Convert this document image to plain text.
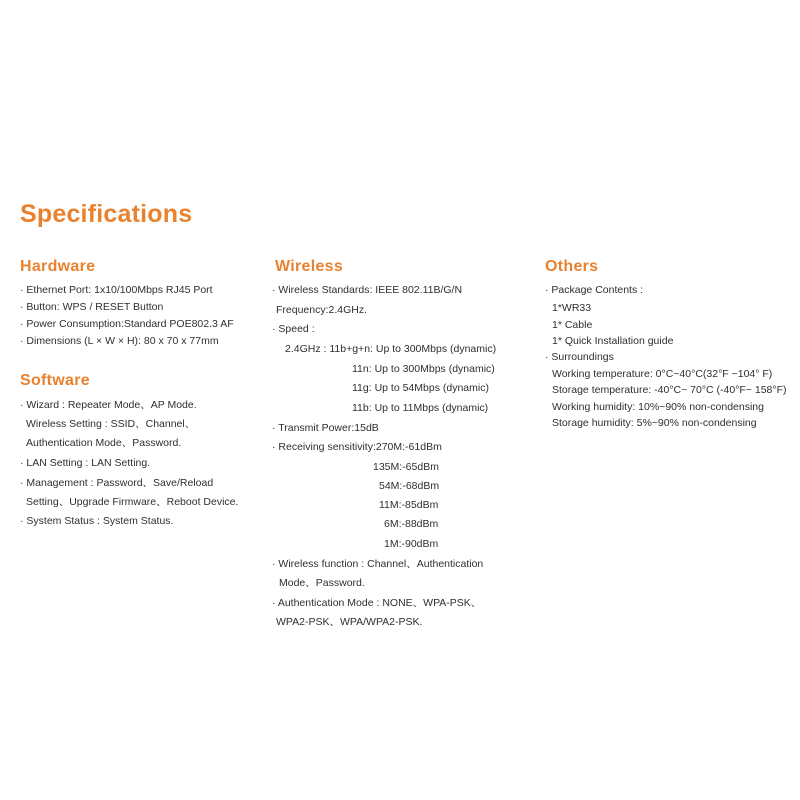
Specifications
Hardware
· Ethernet Port: 1x10/100Mbps RJ45 Port
· Button: WPS / RESET Button
· Power Consumption:Standard POE802.3 AF
· Dimensions (L × W × H): 80 x 70 x 77mm
Software
· Wizard : Repeater Mode、AP Mode.
Wireless Setting : SSID、Channel、
Authentication Mode、Password.
· LAN Setting : LAN Setting.
· Management : Password、Save/Reload
Setting、Upgrade Firmware、Reboot Device.
· System Status : System Status.
Wireless
· Wireless Standards: IEEE 802.11B/G/N
Frequency:2.4GHz.
· Speed :
2.4GHz : 11b+g+n: Up to 300Mbps (dynamic)
11n: Up to 300Mbps (dynamic)
11g: Up to 54Mbps (dynamic)
11b: Up to 11Mbps (dynamic)
· Transmit Power:15dB
· Receiving sensitivity:270M:-61dBm
135M:-65dBm
54M:-68dBm
11M:-85dBm
6M:-88dBm
1M:-90dBm
· Wireless function : Channel、Authentication
Mode、Password.
· Authentication Mode : NONE、WPA-PSK、
WPA2-PSK、WPA/WPA2-PSK.
Others
· Package Contents :
1*WR33
1* Cable
1* Quick Installation guide
· Surroundings
Working temperature: 0°C~40°C(32°F ~104° F)
Storage temperature: -40°C~ 70°C (-40°F~ 158°F)
Working humidity: 10%~90% non-condensing
Storage humidity: 5%~90% non-condensing
